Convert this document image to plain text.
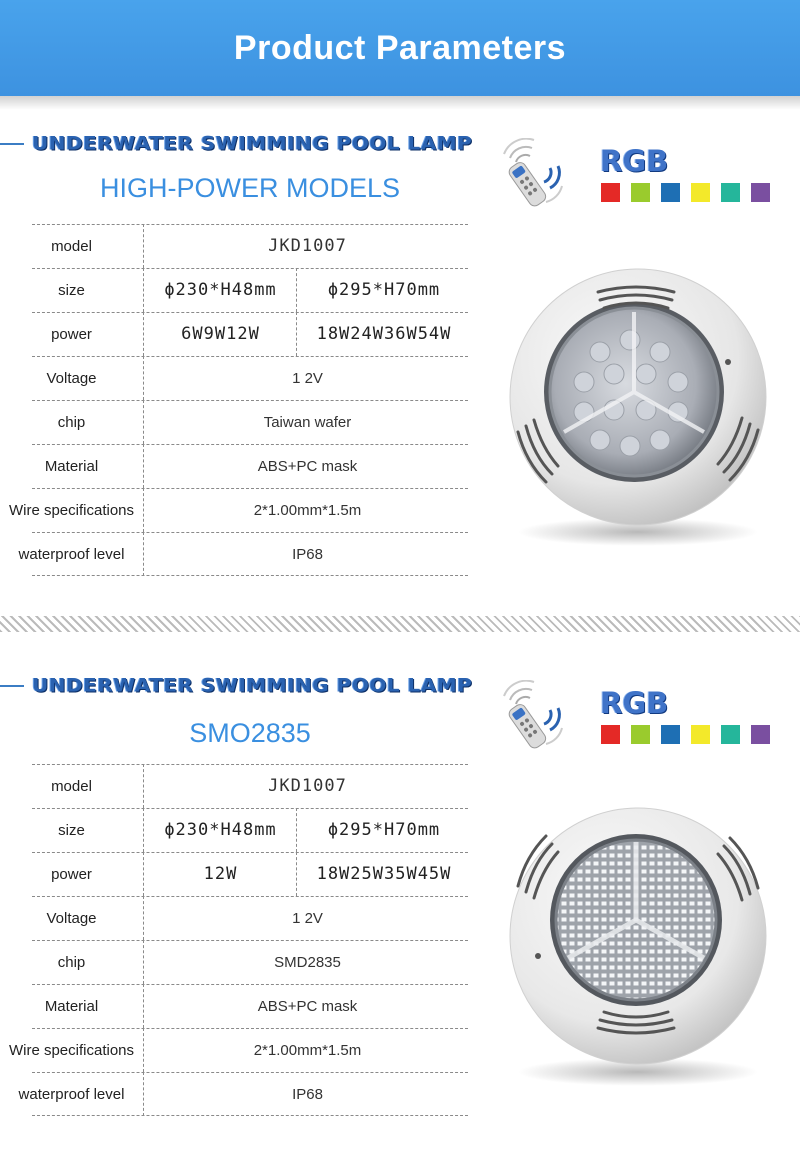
Product Parameters
UNDERWATER SWIMMING POOL LAMP
HIGH-POWER MODELS
model	JKD1007
size	ϕ230*H48mm	ϕ295*H70mm
power	6W9W12W	18W24W36W54W
Voltage	1 2V
chip	Taiwan wafer
Material	ABS+PC mask
Wire specifications	2*1.00mm*1.5m
waterproof level	IP68
RGB
UNDERWATER SWIMMING POOL LAMP
SMO2835
model	JKD1007
size	ϕ230*H48mm	ϕ295*H70mm
power	12W	18W25W35W45W
Voltage	1 2V
chip	SMD2835
Material	ABS+PC mask
Wire specifications	2*1.00mm*1.5m
waterproof level	IP68
RGB
